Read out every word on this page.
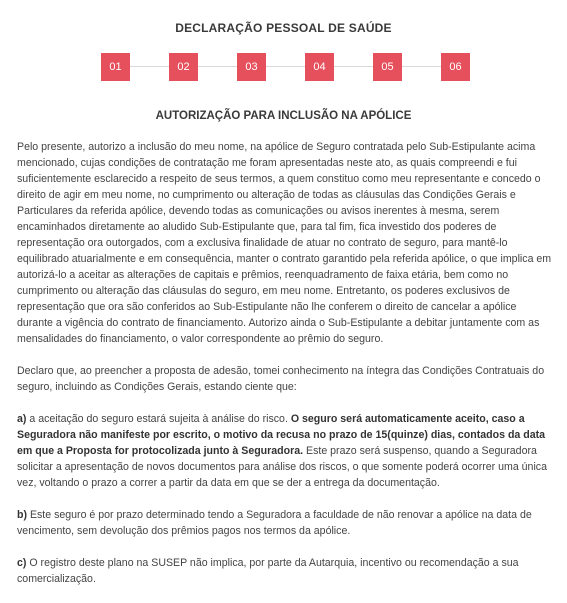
DECLARAÇÃO PESSOAL DE SAÚDE
01	02	03	04	05	06
AUTORIZAÇÃO PARA INCLUSÃO NA APÓLICE

Pelo presente, autorizo a inclusão do meu nome, na apólice de Seguro contratada pelo Sub-Estipulante acima mencionado, cujas condições de contratação me foram apresentadas neste ato, as quais compreendi e fui suficientemente esclarecido a respeito de seus termos, a quem constituo como meu representante e concedo o direito de agir em meu nome, no cumprimento ou alteração de todas as cláusulas das Condições Gerais e Particulares da referida apólice, devendo todas as comunicações ou avisos inerentes à mesma, serem encaminhados diretamente ao aludido Sub-Estipulante que, para tal fim, fica investido dos poderes de representação ora outorgados, com a exclusiva finalidade de atuar no contrato de seguro, para mantê-lo equilibrado atuarialmente e em consequência, manter o contrato garantido pela referida apólice, o que implica em autorizá-lo a aceitar as alterações de capitais e prêmios, reenquadramento de faixa etária, bem como no cumprimento ou alteração das cláusulas do seguro, em meu nome. Entretanto, os poderes exclusivos de representação que ora são conferidos ao Sub-Estipulante não lhe conferem o direito de cancelar a apólice durante a vigência do contrato de financiamento. Autorizo ainda o Sub-Estipulante a debitar juntamente com as mensalidades do financiamento, o valor correspondente ao prêmio do seguro.

Declaro que, ao preencher a proposta de adesão, tomei conhecimento na íntegra das Condições Contratuais do seguro, incluindo as Condições Gerais, estando ciente que:

a) a aceitação do seguro estará sujeita à análise do risco. O seguro será automaticamente aceito, caso a Seguradora não manifeste por escrito, o motivo da recusa no prazo de 15(quinze) dias, contados da data em que a Proposta for protocolizada junto à Seguradora. Este prazo será suspenso, quando a Seguradora solicitar a apresentação de novos documentos para análise dos riscos, o que somente poderá ocorrer uma única vez, voltando o prazo a correr a partir da data em que se der a entrega da documentação.

b) Este seguro é por prazo determinado tendo a Seguradora a faculdade de não renovar a apólice na data de vencimento, sem devolução dos prêmios pagos nos termos da apólice.

c) O registro deste plano na SUSEP não implica, por parte da Autarquia, incentivo ou recomendação a sua comercialização.
